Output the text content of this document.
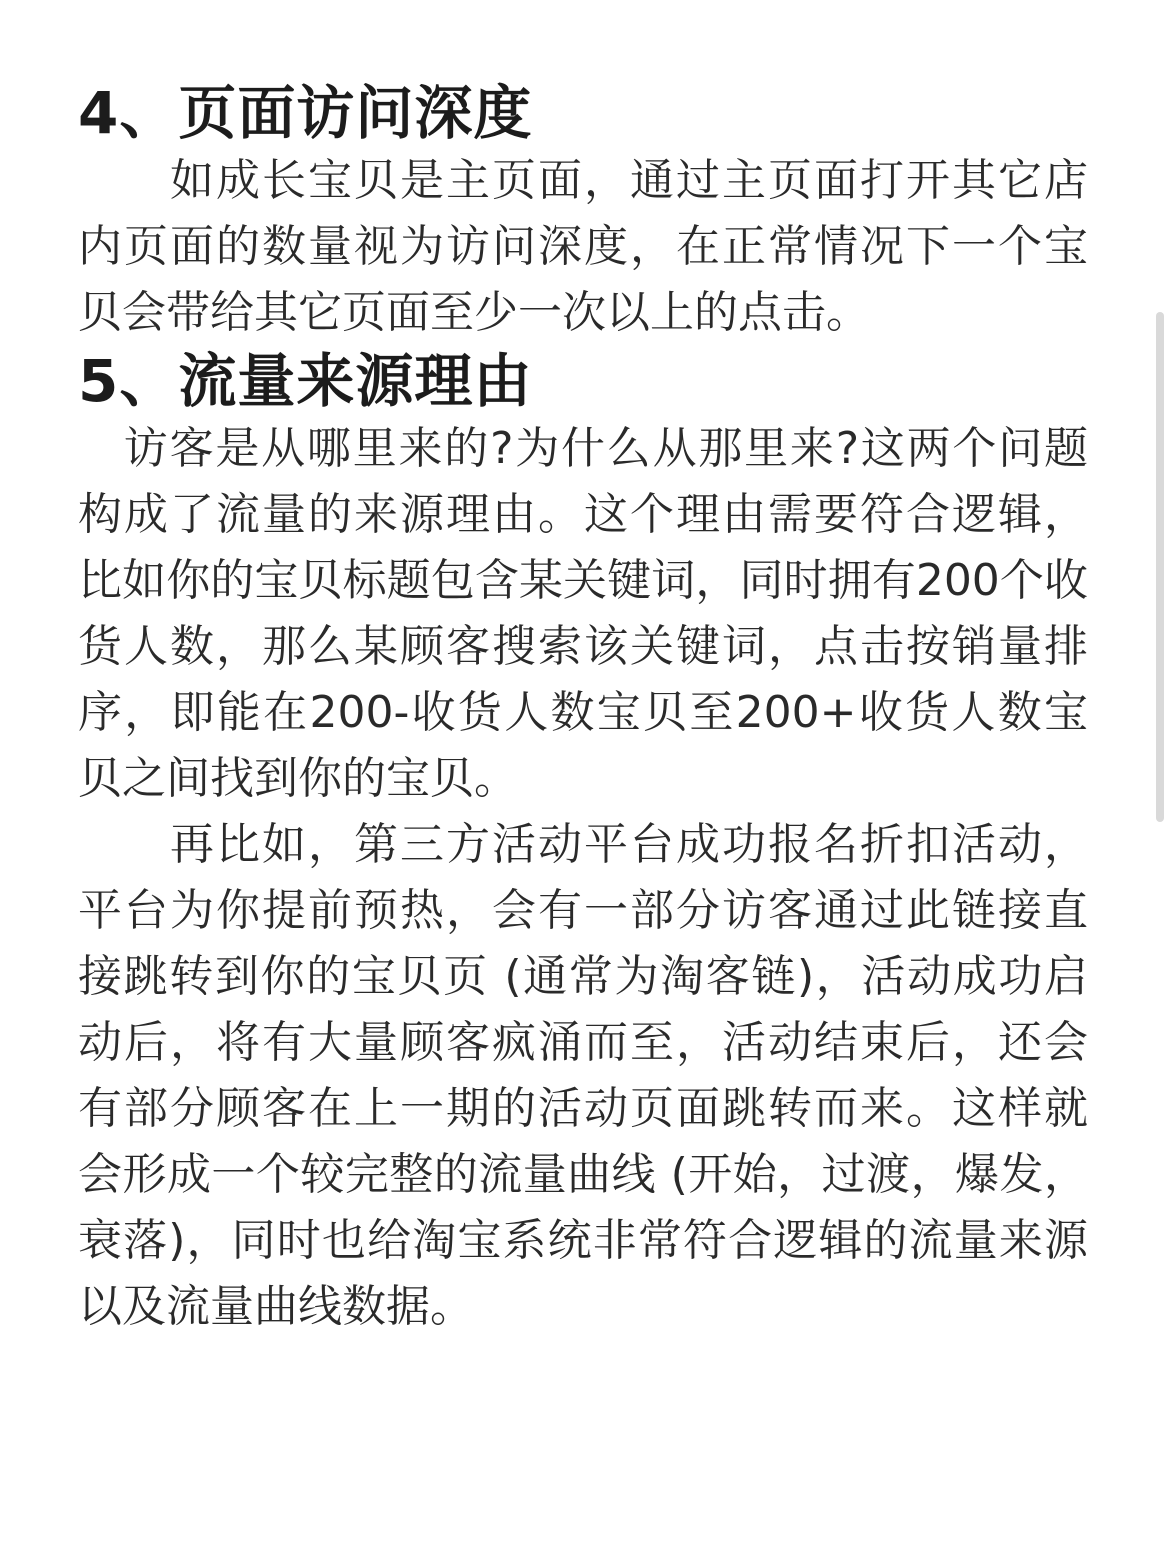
4、页面访问深度

　　如成长宝贝是主页面，通过主页面打开其它店内页面的数量视为访问深度，在正常情况下一个宝贝会带给其它页面至少一次以上的点击。

5、流量来源理由

　访客是从哪里来的?为什么从那里来?这两个问题构成了流量的来源理由。这个理由需要符合逻辑，比如你的宝贝标题包含某关键词，同时拥有200个收货人数，那么某顾客搜索该关键词，点击按销量排序，即能在200-收货人数宝贝至200+收货人数宝贝之间找到你的宝贝。

　　再比如，第三方活动平台成功报名折扣活动，平台为你提前预热，会有一部分访客通过此链接直接跳转到你的宝贝页 (通常为淘客链)，活动成功启动后，将有大量顾客疯涌而至，活动结束后，还会有部分顾客在上一期的活动页面跳转而来。这样就会形成一个较完整的流量曲线 (开始，过渡，爆发，衰落)，同时也给淘宝系统非常符合逻辑的流量来源以及流量曲线数据。
